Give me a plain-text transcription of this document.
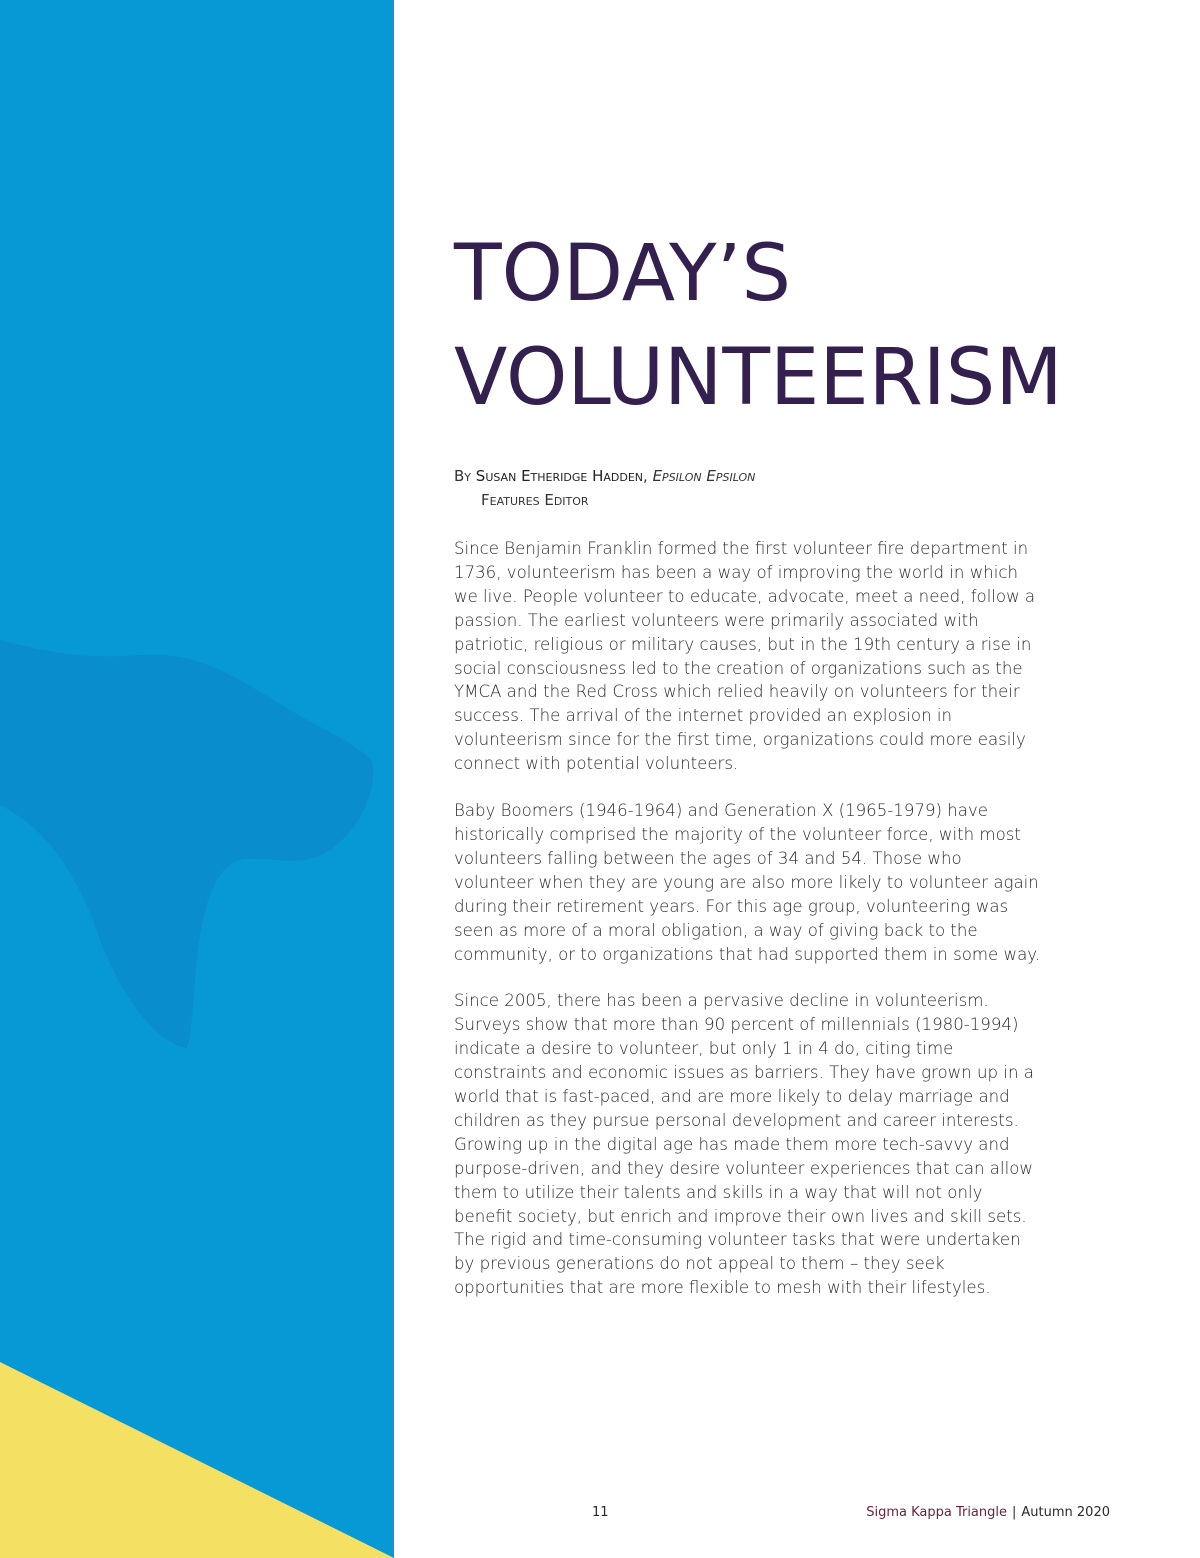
TODAY’S
VOLUNTEERISM
By Susan Etheridge Hadden, Epsilon Epsilon
Features Editor

Since Benjamin Franklin formed the first volunteer fire department in 1736, volunteerism has been a way of improving the world in which we live. People volunteer to educate, advocate, meet a need, follow a passion. The earliest volunteers were primarily associated with patriotic, religious or military causes, but in the 19th century a rise in social consciousness led to the creation of organizations such as the YMCA and the Red Cross which relied heavily on volunteers for their success. The arrival of the internet provided an explosion in volunteerism since for the first time, organizations could more easily connect with potential volunteers.

Baby Boomers (1946-1964) and Generation X (1965-1979) have historically comprised the majority of the volunteer force, with most volunteers falling between the ages of 34 and 54. Those who volunteer when they are young are also more likely to volunteer again during their retirement years. For this age group, volunteering was seen as more of a moral obligation, a way of giving back to the community, or to organizations that had supported them in some way.

Since 2005, there has been a pervasive decline in volunteerism. Surveys show that more than 90 percent of millennials (1980-1994) indicate a desire to volunteer, but only 1 in 4 do, citing time constraints and economic issues as barriers. They have grown up in a world that is fast-paced, and are more likely to delay marriage and children as they pursue personal development and career interests. Growing up in the digital age has made them more tech-savvy and purpose-driven, and they desire volunteer experiences that can allow them to utilize their talents and skills in a way that will not only benefit society, but enrich and improve their own lives and skill sets. The rigid and time-consuming volunteer tasks that were undertaken by previous generations do not appeal to them – they seek opportunities that are more flexible to mesh with their lifestyles.

11	Sigma Kappa Triangle | Autumn 2020
